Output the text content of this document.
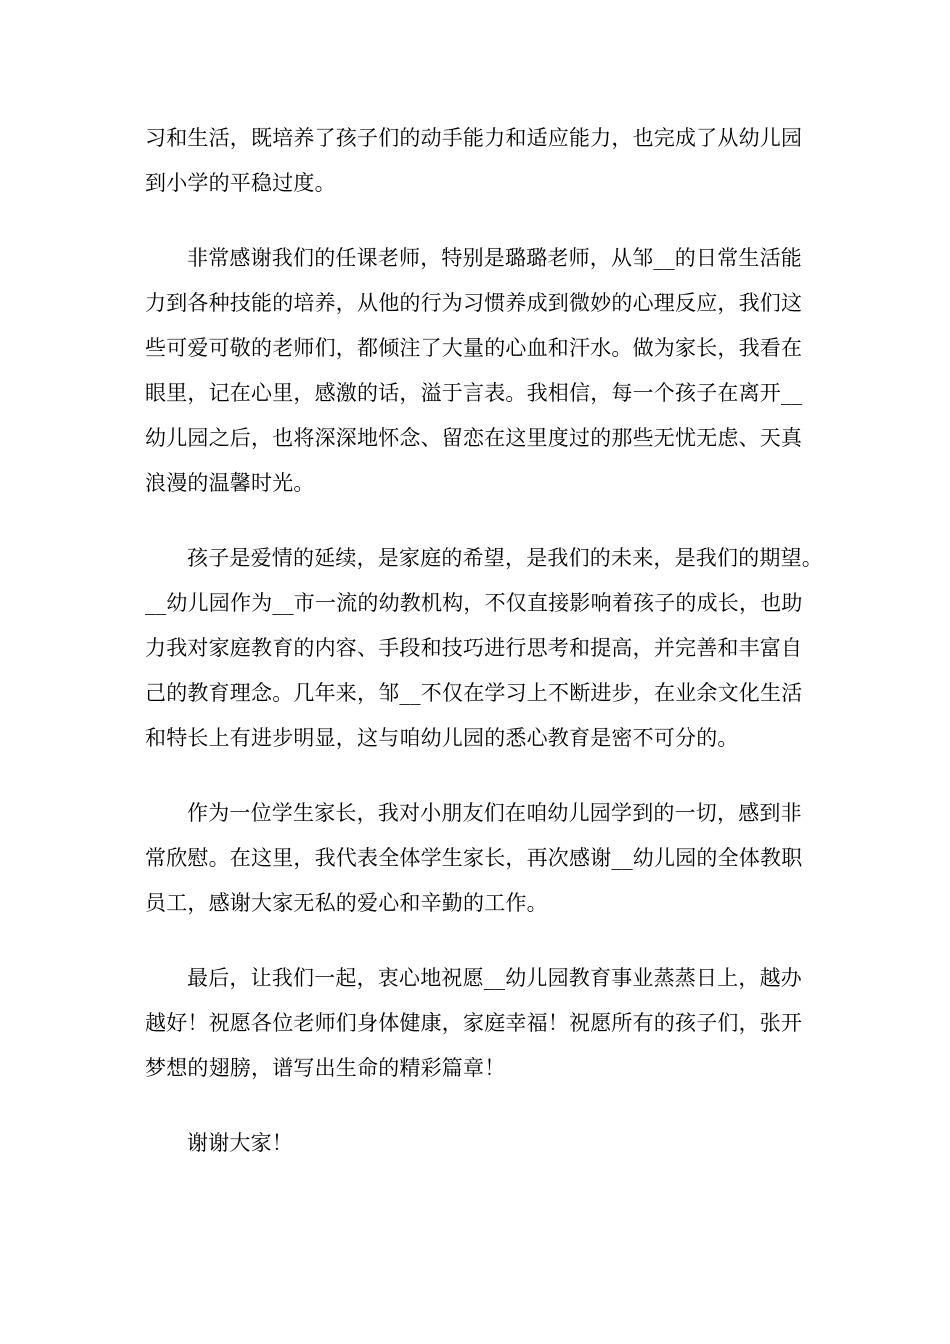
习和生活，既培养了孩子们的动手能力和适应能力，也完成了从幼儿园
到小学的平稳过度。

非常感谢我们的任课老师，特别是璐璐老师，从邹__的日常生活能
力到各种技能的培养，从他的行为习惯养成到微妙的心理反应，我们这
些可爱可敬的老师们，都倾注了大量的心血和汗水。做为家长，我看在
眼里，记在心里，感激的话，溢于言表。我相信，每一个孩子在离开__
幼儿园之后，也将深深地怀念、留恋在这里度过的那些无忧无虑、天真
浪漫的温馨时光。

孩子是爱情的延续，是家庭的希望，是我们的未来，是我们的期望。
__幼儿园作为__市一流的幼教机构，不仅直接影响着孩子的成长，也助
力我对家庭教育的内容、手段和技巧进行思考和提高，并完善和丰富自
己的教育理念。几年来，邹__不仅在学习上不断进步，在业余文化生活
和特长上有进步明显，这与咱幼儿园的悉心教育是密不可分的。

作为一位学生家长，我对小朋友们在咱幼儿园学到的一切，感到非
常欣慰。在这里，我代表全体学生家长，再次感谢__幼儿园的全体教职
员工，感谢大家无私的爱心和辛勤的工作。

最后，让我们一起，衷心地祝愿__幼儿园教育事业蒸蒸日上，越办
越好！祝愿各位老师们身体健康，家庭幸福！祝愿所有的孩子们，张开
梦想的翅膀，谱写出生命的精彩篇章！

谢谢大家！
